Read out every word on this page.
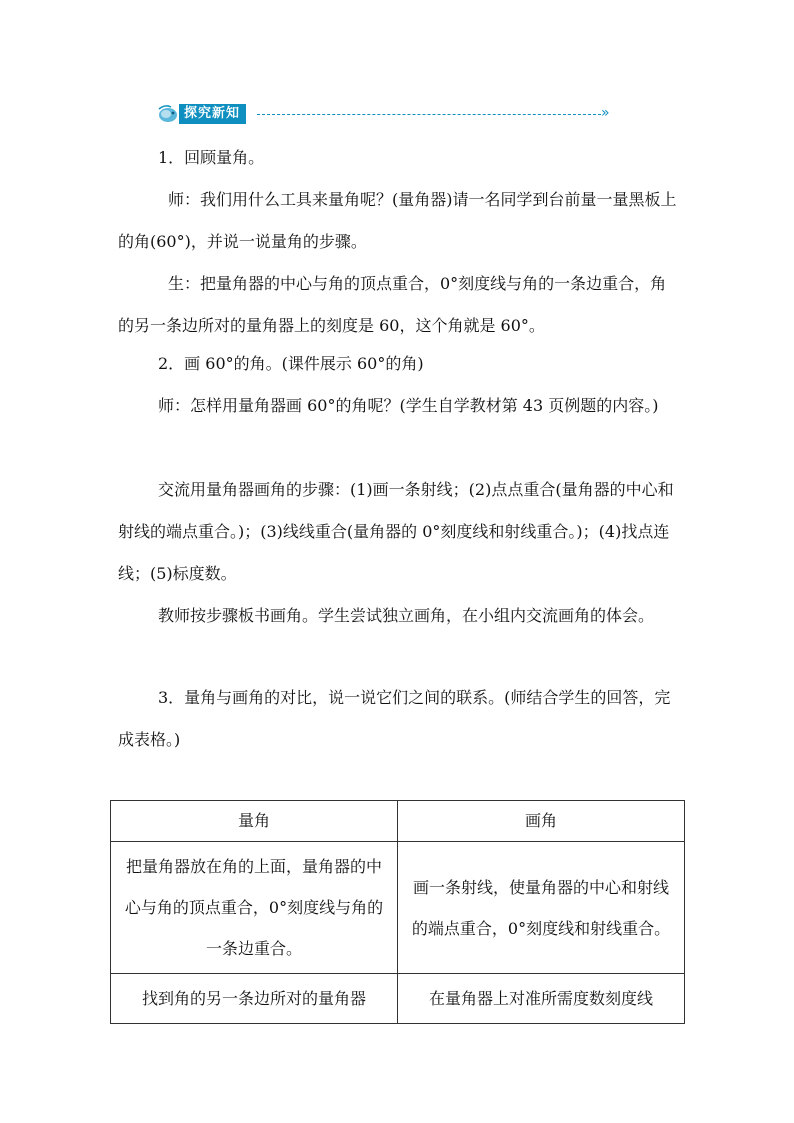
探究新知	»

1．回顾量角。

师：我们用什么工具来量角呢？(量角器)请一名同学到台前量一量黑板上的角(60°)，并说一说量角的步骤。

生：把量角器的中心与角的顶点重合，0°刻度线与角的一条边重合，角的另一条边所对的量角器上的刻度是 60，这个角就是 60°。

2．画 60°的角。(课件展示 60°的角)

师：怎样用量角器画 60°的角呢？(学生自学教材第 43 页例题的内容。)

交流用量角器画角的步骤：(1)画一条射线；(2)点点重合(量角器的中心和射线的端点重合。)；(3)线线重合(量角器的 0°刻度线和射线重合。)；(4)找点连线；(5)标度数。

教师按步骤板书画角。学生尝试独立画角，在小组内交流画角的体会。

3．量角与画角的对比，说一说它们之间的联系。(师结合学生的回答，完成表格。)

量角	画角
把量角器放在角的上面，量角器的中心与角的顶点重合，0°刻度线与角的一条边重合。	画一条射线，使量角器的中心和射线的端点重合，0°刻度线和射线重合。
找到角的另一条边所对的量角器	在量角器上对准所需度数刻度线
